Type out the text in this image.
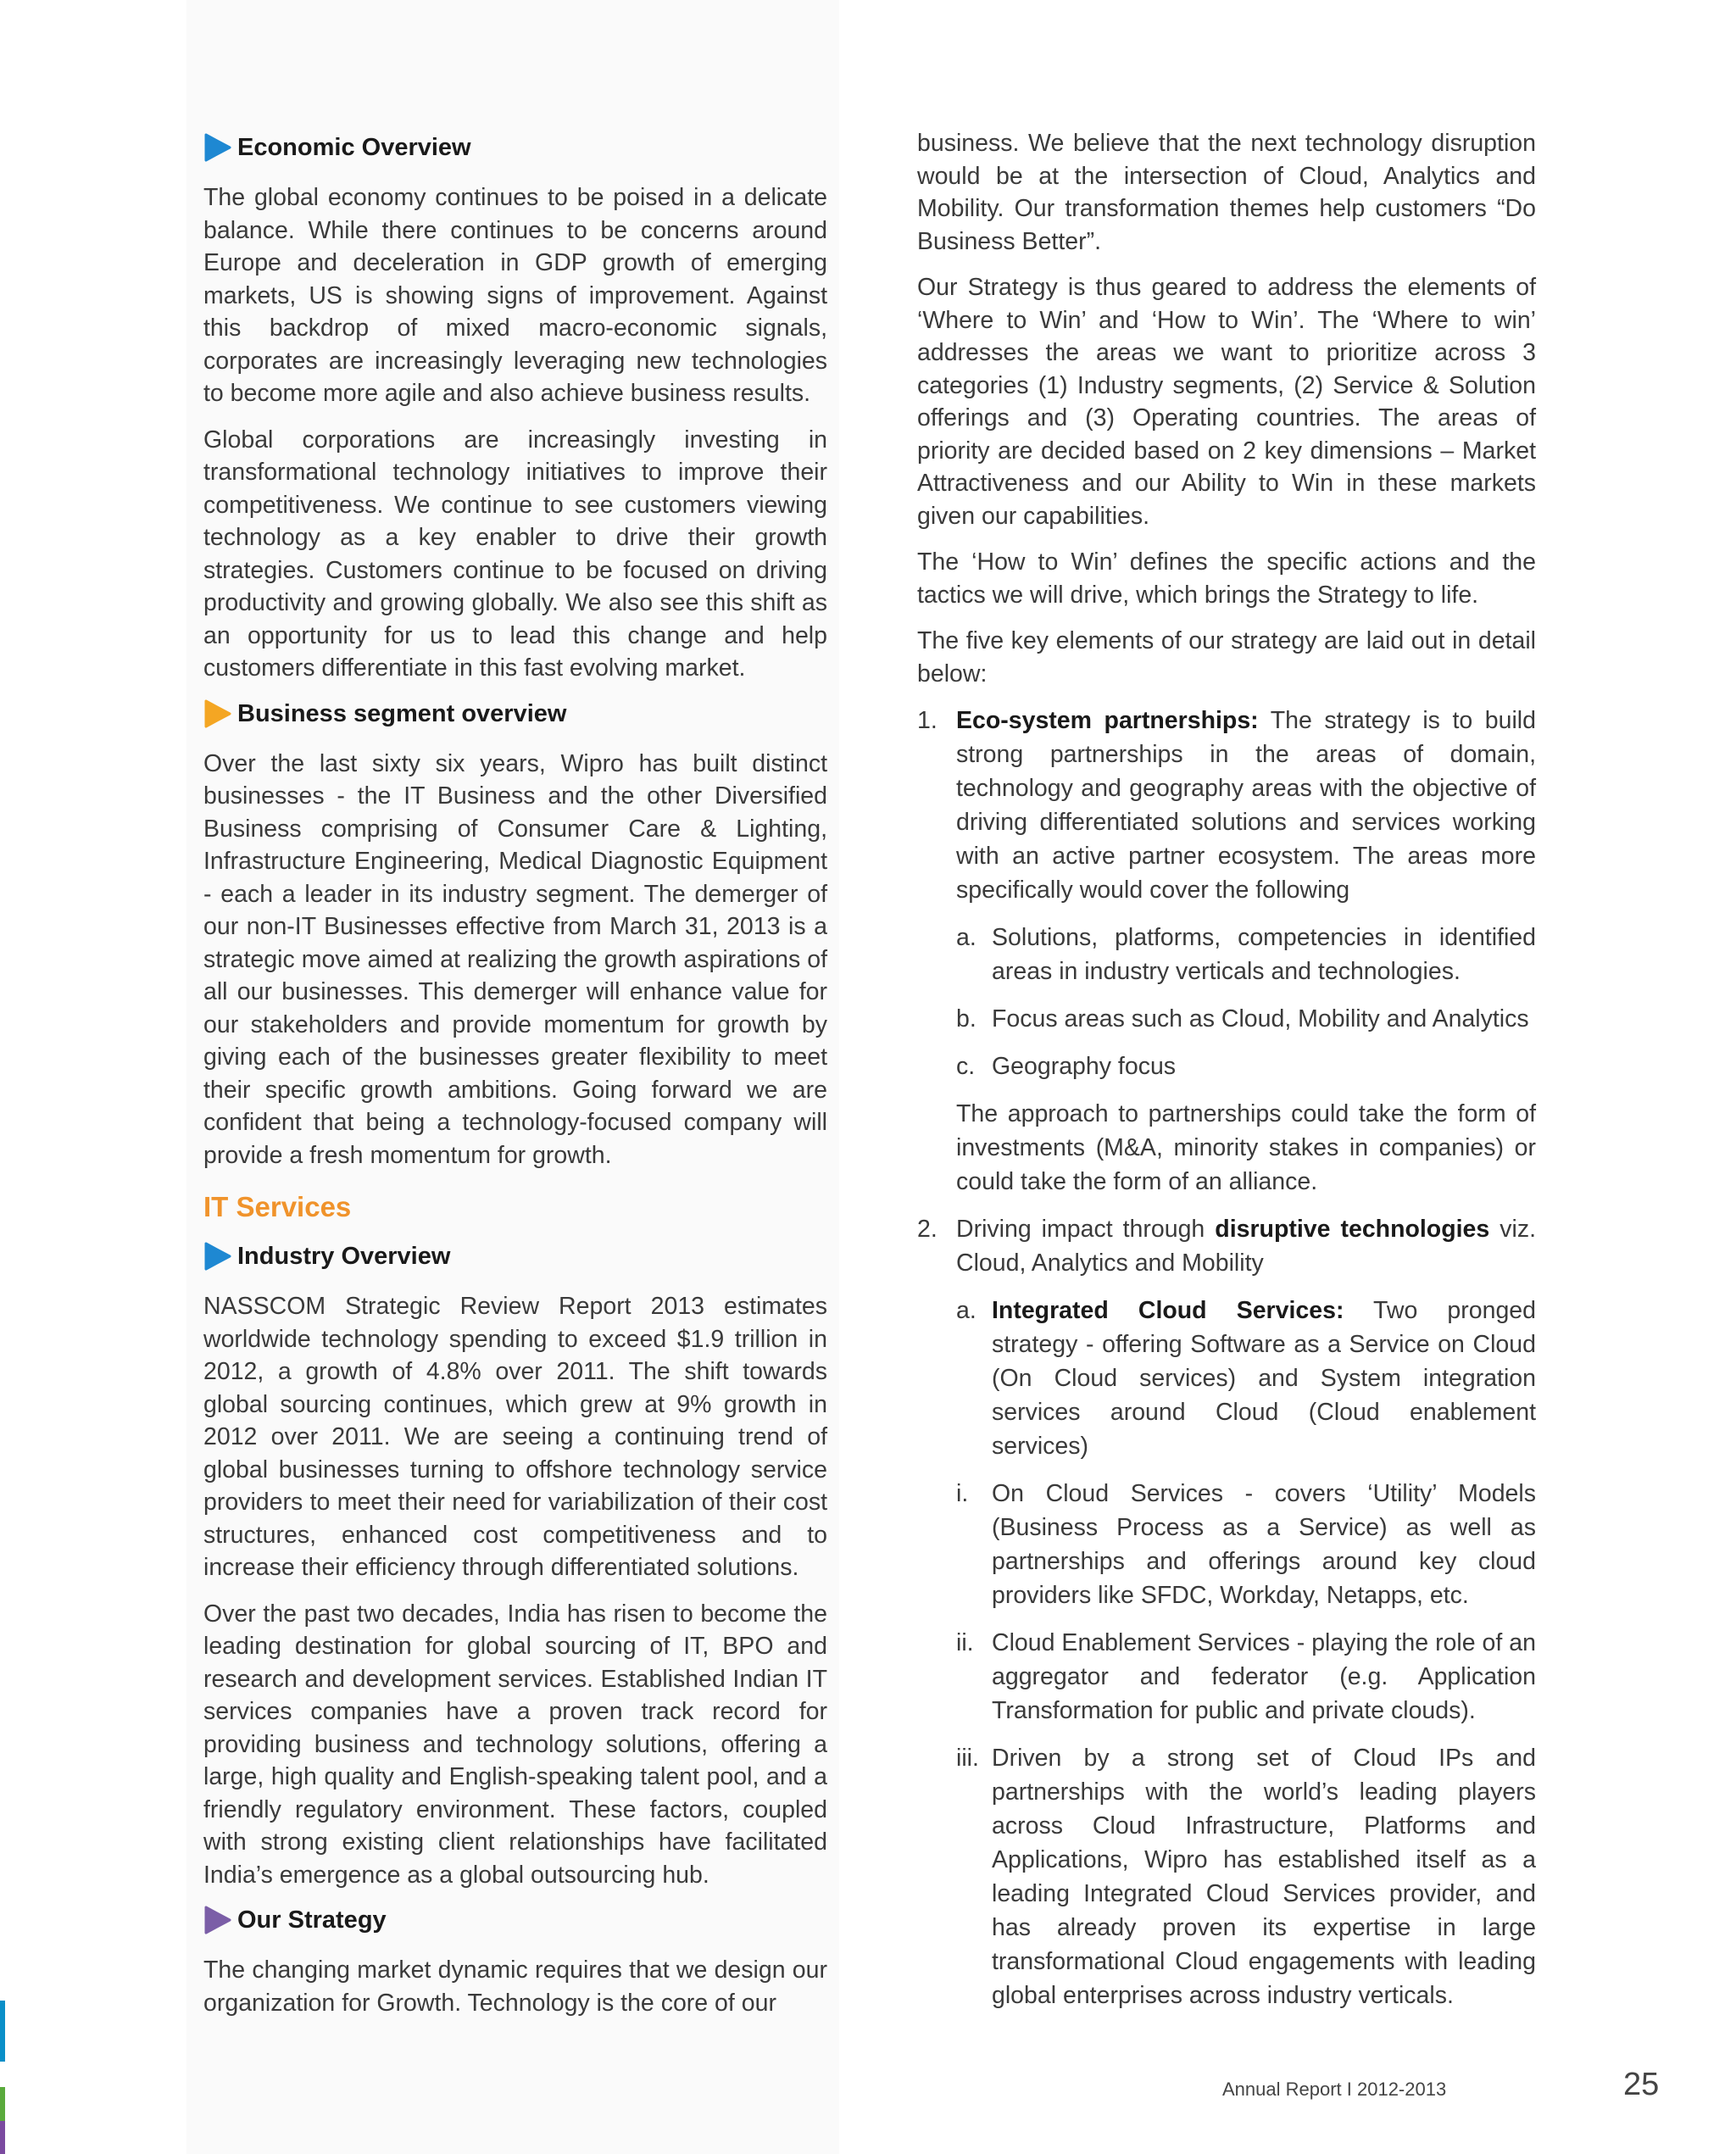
Economic Overview

The global economy continues to be poised in a delicate balance. While there continues to be concerns around Europe and deceleration in GDP growth of emerging markets, US is showing signs of improvement. Against this backdrop of mixed macro-economic signals, corporates are increasingly leveraging new technologies to become more agile and also achieve business results.

Global corporations are increasingly investing in transformational technology initiatives to improve their competitiveness. We continue to see customers viewing technology as a key enabler to drive their growth strategies. Customers continue to be focused on driving productivity and growing globally. We also see this shift as an opportunity for us to lead this change and help customers differentiate in this fast evolving market.

Business segment overview

Over the last sixty six years, Wipro has built distinct businesses - the IT Business and the other Diversified Business comprising of Consumer Care & Lighting, Infrastructure Engineering, Medical Diagnostic Equipment - each a leader in its industry segment. The demerger of our non-IT Businesses effective from March 31, 2013 is a strategic move aimed at realizing the growth aspirations of all our businesses. This demerger will enhance value for our stakeholders and provide momentum for growth by giving each of the businesses greater flexibility to meet their specific growth ambitions. Going forward we are confident that being a technology-focused company will provide a fresh momentum for growth.

IT Services
Industry Overview

NASSCOM Strategic Review Report 2013 estimates worldwide technology spending to exceed $1.9 trillion in 2012, a growth of 4.8% over 2011. The shift towards global sourcing continues, which grew at 9% growth in 2012 over 2011. We are seeing a continuing trend of global businesses turning to offshore technology service providers to meet their need for variabilization of their cost structures, enhanced cost competitiveness and to increase their efficiency through differentiated solutions.

Over the past two decades, India has risen to become the leading destination for global sourcing of IT, BPO and research and development services. Established Indian IT services companies have a proven track record for providing business and technology solutions, offering a large, high quality and English-speaking talent pool, and a friendly regulatory environment. These factors, coupled with strong existing client relationships have facilitated India’s emergence as a global outsourcing hub.

Our Strategy

The changing market dynamic requires that we design our organization for Growth. Technology is the core of our

business. We believe that the next technology disruption would be at the intersection of Cloud, Analytics and Mobility. Our transformation themes help customers “Do Business Better”.

Our Strategy is thus geared to address the elements of ‘Where to Win’ and ‘How to Win’. The ‘Where to win’ addresses the areas we want to prioritize across 3 categories (1) Industry segments, (2) Service & Solution offerings and (3) Operating countries. The areas of priority are decided based on 2 key dimensions – Market Attractiveness and our Ability to Win in these markets given our capabilities.

The ‘How to Win’ defines the specific actions and the tactics we will drive, which brings the Strategy to life.

The five key elements of our strategy are laid out in detail below:

1. Eco-system partnerships: The strategy is to build strong partnerships in the areas of domain, technology and geography areas with the objective of driving differentiated solutions and services working with an active partner ecosystem. The areas more specifically would cover the following
a. Solutions, platforms, competencies in identified areas in industry verticals and technologies.
b. Focus areas such as Cloud, Mobility and Analytics
c. Geography focus
The approach to partnerships could take the form of investments (M&A, minority stakes in companies) or could take the form of an alliance.
2. Driving impact through disruptive technologies viz. Cloud, Analytics and Mobility
a. Integrated Cloud Services: Two pronged strategy - offering Software as a Service on Cloud (On Cloud services) and System integration services around Cloud (Cloud enablement services)
i. On Cloud Services - covers ‘Utility’ Models (Business Process as a Service) as well as partnerships and offerings around key cloud providers like SFDC, Workday, Netapps, etc.
ii. Cloud Enablement Services - playing the role of an aggregator and federator (e.g. Application Transformation for public and private clouds).
iii. Driven by a strong set of Cloud IPs and partnerships with the world’s leading players across Cloud Infrastructure, Platforms and Applications, Wipro has established itself as a leading Integrated Cloud Services provider, and has already proven its expertise in large transformational Cloud engagements with leading global enterprises across industry verticals.
Annual Report I 2012-2013	25
